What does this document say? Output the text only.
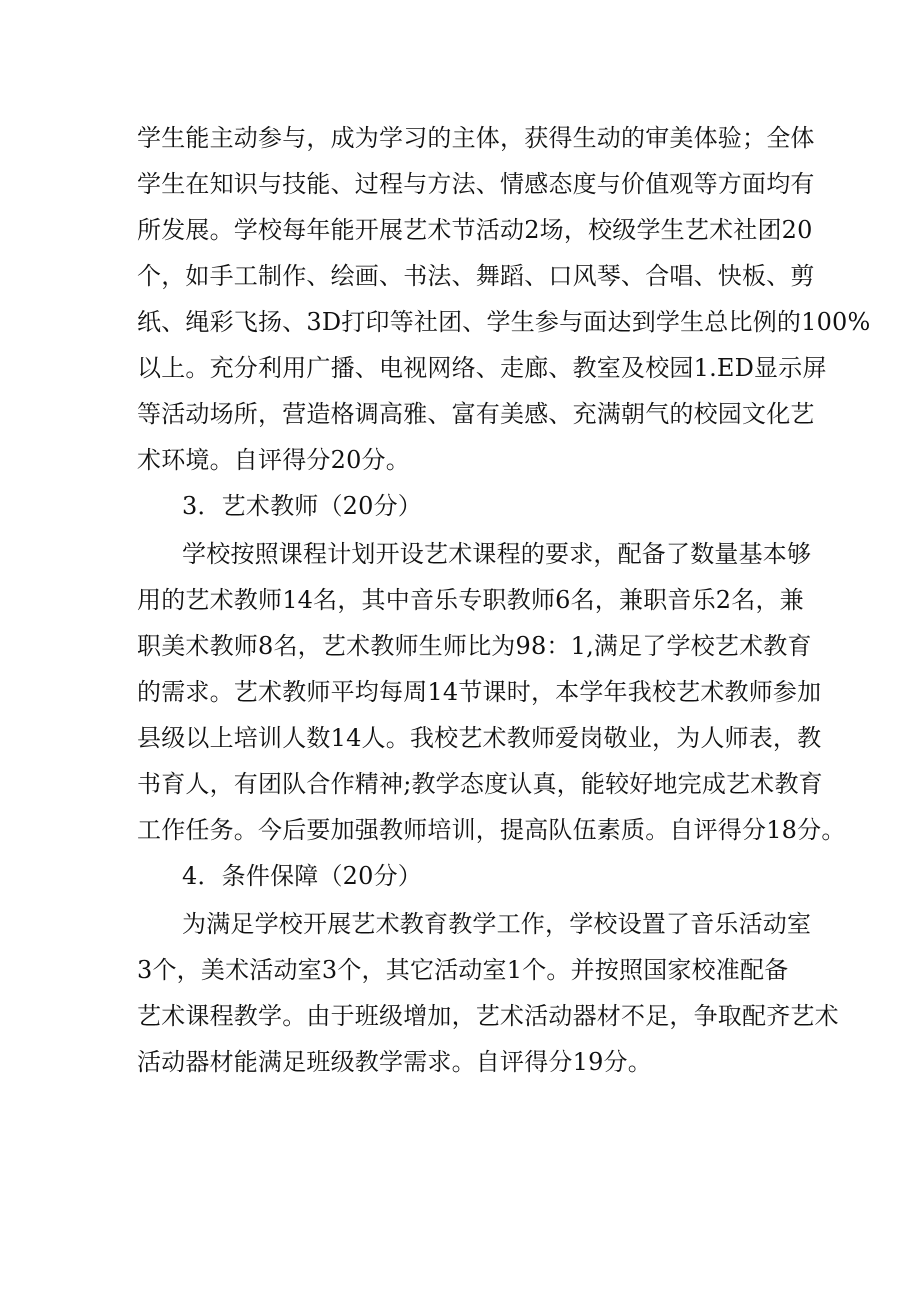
学生能主动参与，成为学习的主体，获得生动的审美体验；全体
学生在知识与技能、过程与方法、情感态度与价值观等方面均有
所发展。学校每年能开展艺术节活动2场，校级学生艺术社团20
个，如手工制作、绘画、书法、舞蹈、口风琴、合唱、快板、剪
纸、绳彩飞扬、3D打印等社团、学生参与面达到学生总比例的100%
以上。充分利用广播、电视网络、走廊、教室及校园1.ED显示屏
等活动场所，营造格调高雅、富有美感、充满朝气的校园文化艺
术环境。自评得分20分。
3．艺术教师（20分）
学校按照课程计划开设艺术课程的要求，配备了数量基本够
用的艺术教师14名，其中音乐专职教师6名，兼职音乐2名，兼
职美术教师8名，艺术教师生师比为98：1,满足了学校艺术教育
的需求。艺术教师平均每周14节课时，本学年我校艺术教师参加
县级以上培训人数14人。我校艺术教师爱岗敬业，为人师表，教
书育人，有团队合作精神;教学态度认真，能较好地完成艺术教育
工作任务。今后要加强教师培训，提高队伍素质。自评得分18分。
4．条件保障（20分）
为满足学校开展艺术教育教学工作，学校设置了音乐活动室
3个，美术活动室3个，其它活动室1个。并按照国家校准配备
艺术课程教学。由于班级增加，艺术活动器材不足，争取配齐艺术
活动器材能满足班级教学需求。自评得分19分。
